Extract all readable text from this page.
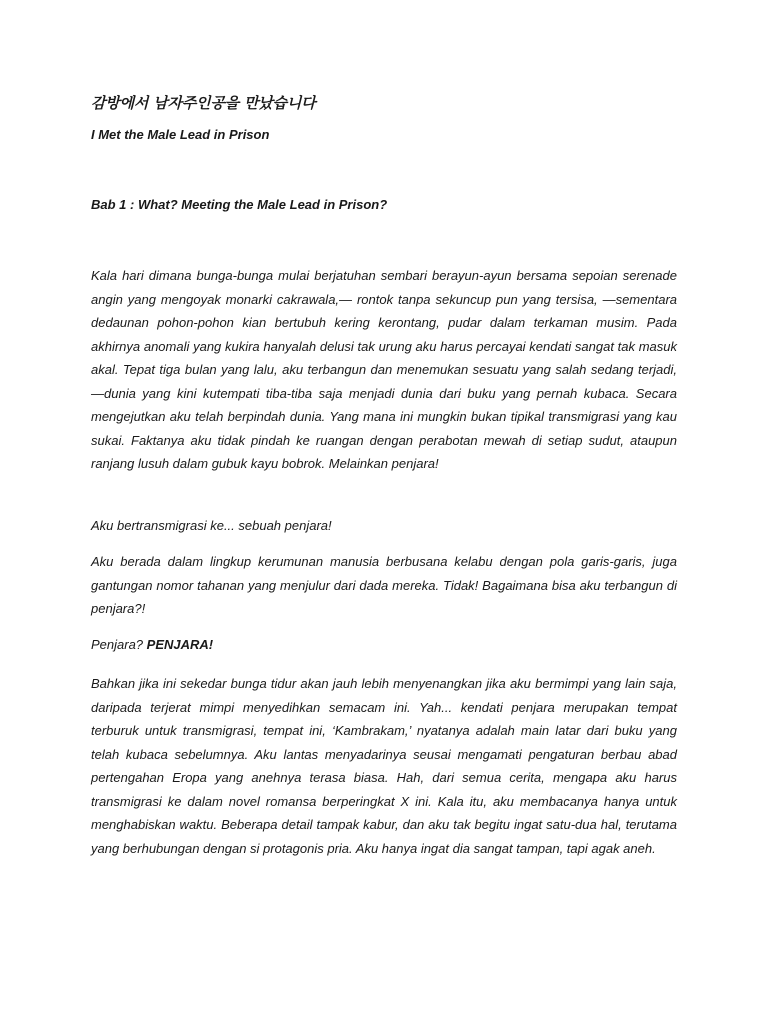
감방에서 남자주인공을 만났습니다
I Met the Male Lead in Prison
Bab 1 : What? Meeting the Male Lead in Prison?

Kala hari dimana bunga-bunga mulai berjatuhan sembari berayun-ayun bersama sepoian serenade angin yang mengoyak monarki cakrawala,— rontok tanpa sekuncup pun yang tersisa, —sementara dedaunan pohon-pohon kian bertubuh kering kerontang, pudar dalam terkaman musim. Pada akhirnya anomali yang kukira hanyalah delusi tak urung aku harus percayai kendati sangat tak masuk akal. Tepat tiga bulan yang lalu, aku terbangun dan menemukan sesuatu yang salah sedang terjadi,—dunia yang kini kutempati tiba-tiba saja menjadi dunia dari buku yang pernah kubaca. Secara mengejutkan aku telah berpindah dunia. Yang mana ini mungkin bukan tipikal transmigrasi yang kau sukai. Faktanya aku tidak pindah ke ruangan dengan perabotan mewah di setiap sudut, ataupun ranjang lusuh dalam gubuk kayu bobrok. Melainkan penjara!

Aku bertransmigrasi ke... sebuah penjara!

Aku berada dalam lingkup kerumunan manusia berbusana kelabu dengan pola garis-garis, juga gantungan nomor tahanan yang menjulur dari dada mereka. Tidak! Bagaimana bisa aku terbangun di penjara?!

Penjara? PENJARA!

Bahkan jika ini sekedar bunga tidur akan jauh lebih menyenangkan jika aku bermimpi yang lain saja, daripada terjerat mimpi menyedihkan semacam ini. Yah... kendati penjara merupakan tempat terburuk untuk transmigrasi, tempat ini, ‘Kambrakam,’ nyatanya adalah main latar dari buku yang telah kubaca sebelumnya. Aku lantas menyadarinya seusai mengamati pengaturan berbau abad pertengahan Eropa yang anehnya terasa biasa. Hah, dari semua cerita, mengapa aku harus transmigrasi ke dalam novel romansa berperingkat X ini. Kala itu, aku membacanya hanya untuk menghabiskan waktu. Beberapa detail tampak kabur, dan aku tak begitu ingat satu-dua hal, terutama yang berhubungan dengan si protagonis pria. Aku hanya ingat dia sangat tampan, tapi agak aneh.
